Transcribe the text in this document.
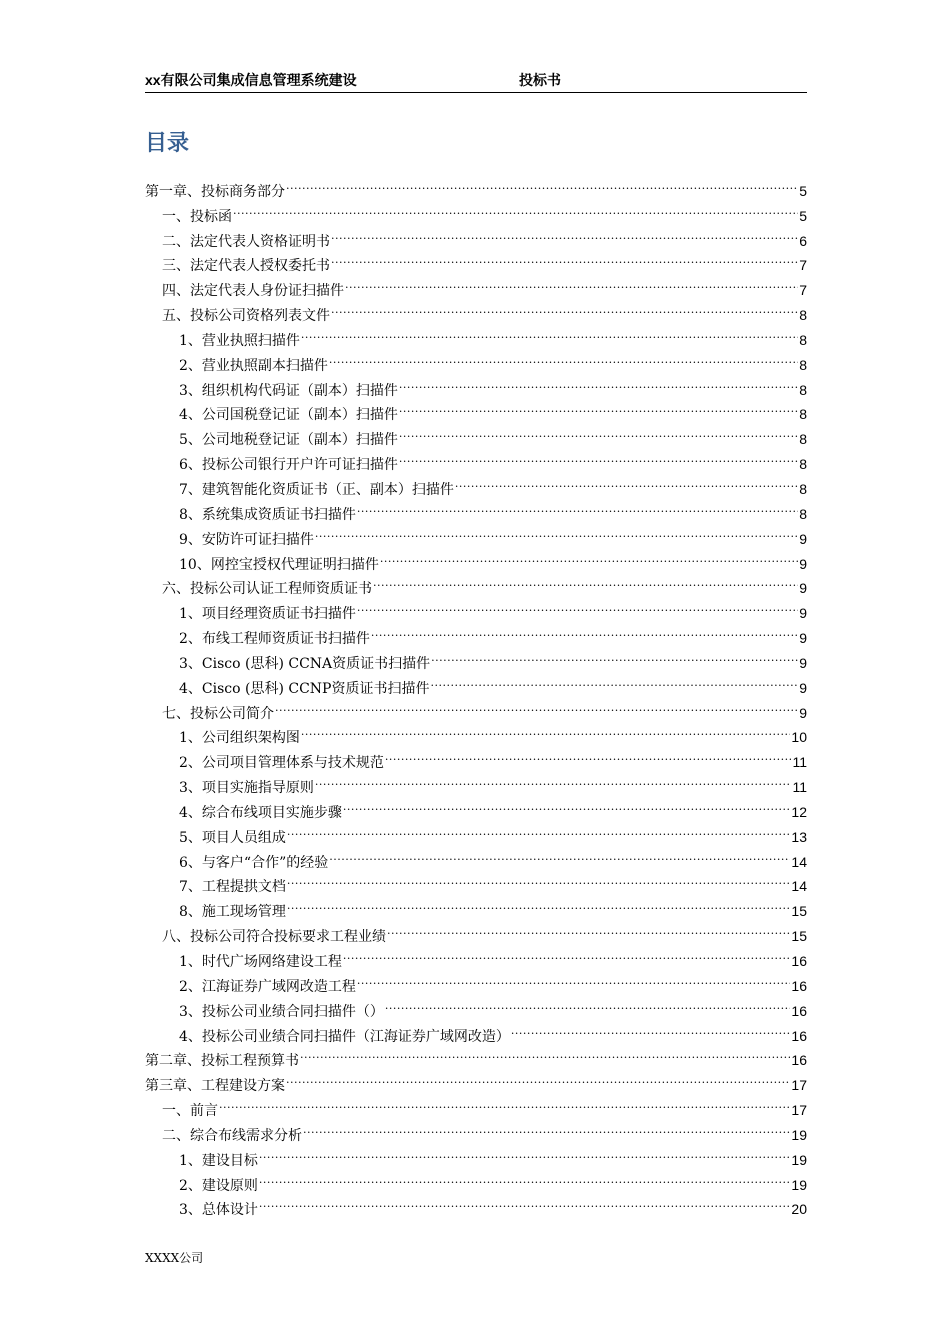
xx有限公司集成信息管理系统建设	投标书
目录
第一章、投标商务部分 .....	5
一、投标函 .....	5
二、法定代表人资格证明书 .....	6
三、法定代表人授权委托书 .....	7
四、法定代表人身份证扫描件 .....	7
五、投标公司资格列表文件 .....	8
1、营业执照扫描件 .....	8
2、营业执照副本扫描件 .....	8
3、组织机构代码证（副本）扫描件 .....	8
4、公司国税登记证（副本）扫描件 .....	8
5、公司地税登记证（副本）扫描件 .....	8
6、投标公司银行开户许可证扫描件 .....	8
7、建筑智能化资质证书（正、副本）扫描件 .....	8
8、系统集成资质证书扫描件 .....	8
9、安防许可证扫描件 .....	9
10、网控宝授权代理证明扫描件 .....	9
六、投标公司认证工程师资质证书 .....	9
1、项目经理资质证书扫描件 .....	9
2、布线工程师资质证书扫描件 .....	9
3、Cisco (思科) CCNA资质证书扫描件 .....	9
4、Cisco (思科) CCNP资质证书扫描件 .....	9
七、投标公司简介 .....	9
1、公司组织架构图 .....	10
2、公司项目管理体系与技术规范 .....	11
3、项目实施指导原则 .....	11
4、综合布线项目实施步骤 .....	12
5、项目人员组成 .....	13
6、与客户“合作”的经验 .....	14
7、工程提拱文档 .....	14
8、施工现场管理 .....	15
八、投标公司符合投标要求工程业绩 .....	15
1、时代广场网络建设工程 .....	16
2、江海证券广域网改造工程 .....	16
3、投标公司业绩合同扫描件（） .....	16
4、投标公司业绩合同扫描件（江海证券广域网改造） .....	16
第二章、投标工程预算书 .....	16
第三章、工程建设方案 .....	17
一、前言 .....	17
二、综合布线需求分析 .....	19
1、建设目标 .....	19
2、建设原则 .....	19
3、总体设计 .....	20
XXXX公司
